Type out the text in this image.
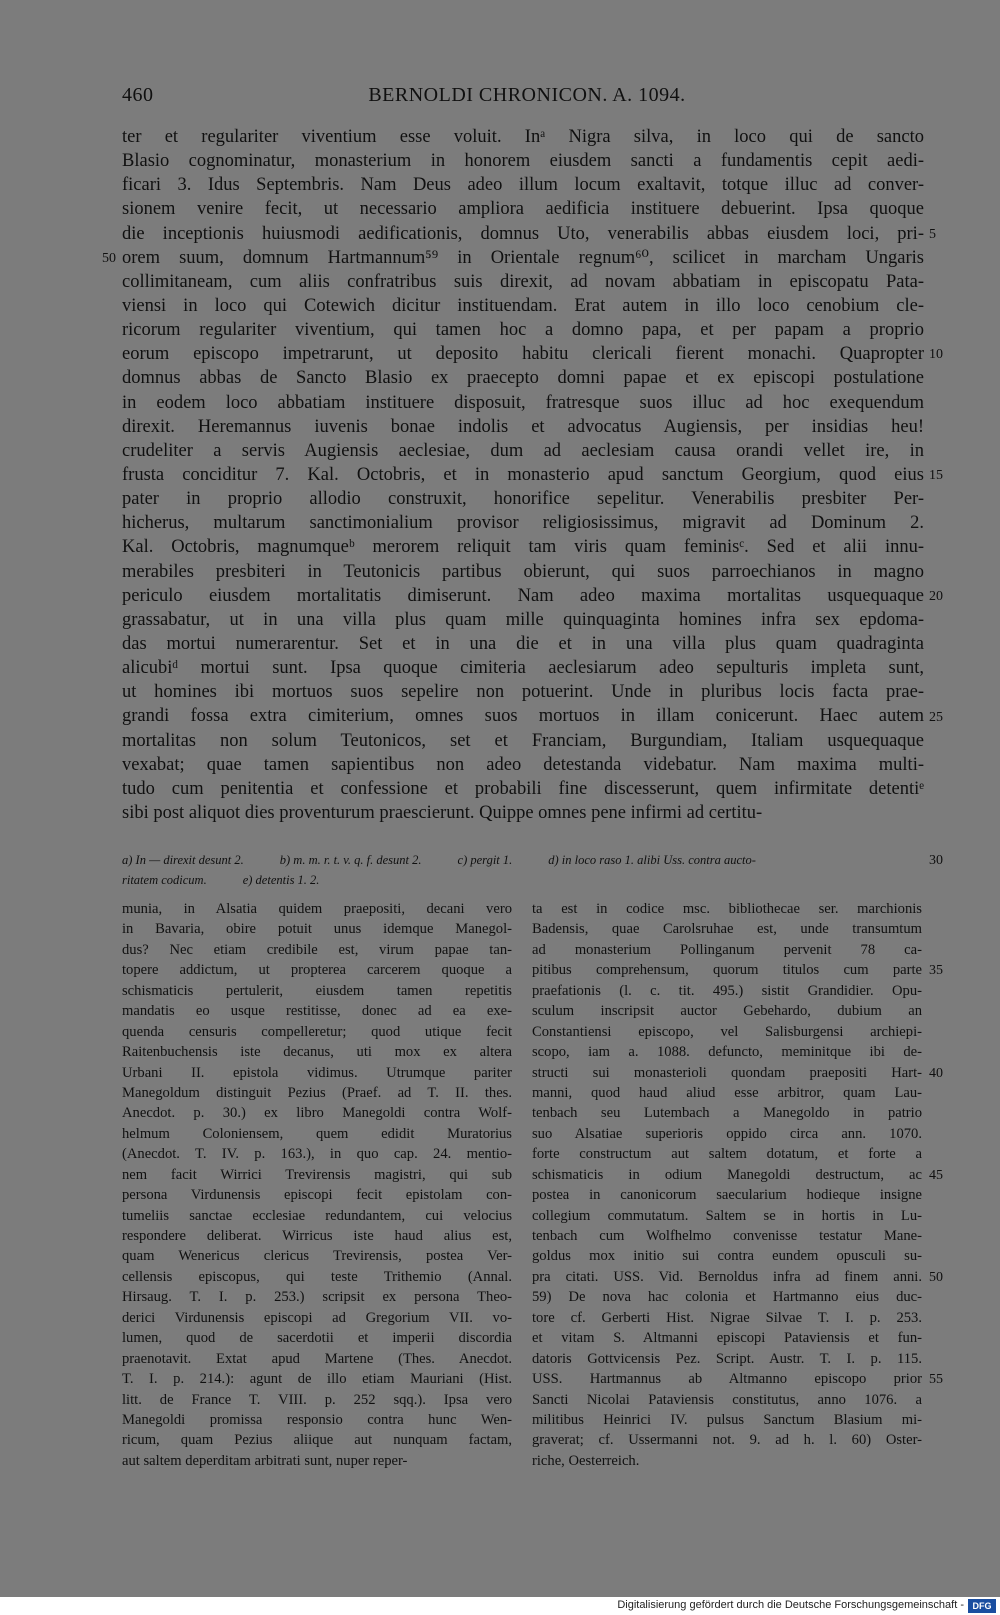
460	BERNOLDI CHRONICON. A. 1094.
ter et regulariter viventium esse voluit. Inᵃ Nigra silva, in loco qui de sancto
Blasio cognominatur, monasterium in honorem eiusdem sancti a fundamentis cepit aedi-
ficari 3. Idus Septembris. Nam Deus adeo illum locum exaltavit, totque illuc ad conver-
sionem venire fecit, ut necessario ampliora aedificia instituere debuerint. Ipsa quoque
die inceptionis huiusmodi aedificationis, domnus Uto, venerabilis abbas eiusdem loci, pri-
orem suum, domnum Hartmannum⁵⁹ in Orientale regnum⁶⁰, scilicet in marcham Ungaris
collimitaneam, cum aliis confratribus suis direxit, ad novam abbatiam in episcopatu Pata-
viensi in loco qui Cotewich dicitur instituendam. Erat autem in illo loco cenobium cle-
ricorum regulariter viventium, qui tamen hoc a domno papa, et per papam a proprio
eorum episcopo impetrarunt, ut deposito habitu clericali fierent monachi. Quapropter
domnus abbas de Sancto Blasio ex praecepto domni papae et ex episcopi postulatione
in eodem loco abbatiam instituere disposuit, fratresque suos illuc ad hoc exequendum
direxit. Heremannus iuvenis bonae indolis et advocatus Augiensis, per insidias heu!
crudeliter a servis Augiensis aeclesiae, dum ad aeclesiam causa orandi vellet ire, in
frusta conciditur 7. Kal. Octobris, et in monasterio apud sanctum Georgium, quod eius
pater in proprio allodio construxit, honorifice sepelitur. Venerabilis presbiter Per-
hicherus, multarum sanctimonialium provisor religiosissimus, migravit ad Dominum 2.
Kal. Octobris, magnumqueᵇ merorem reliquit tam viris quam feminisᶜ. Sed et alii innu-
merabiles presbiteri in Teutonicis partibus obierunt, qui suos parroechianos in magno
periculo eiusdem mortalitatis dimiserunt. Nam adeo maxima mortalitas usquequaque
grassabatur, ut in una villa plus quam mille quinquaginta homines infra sex epdoma-
das mortui numerarentur. Set et in una die et in una villa plus quam quadraginta
alicubiᵈ mortui sunt. Ipsa quoque cimiteria aeclesiarum adeo sepulturis impleta sunt,
ut homines ibi mortuos suos sepelire non potuerint. Unde in pluribus locis facta prae-
grandi fossa extra cimiterium, omnes suos mortuos in illam conicerunt. Haec autem
mortalitas non solum Teutonicos, set et Franciam, Burgundiam, Italiam usquequaque
vexabat; quae tamen sapientibus non adeo detestanda videbatur. Nam maxima multi-
tudo cum penitentia et confessione et probabili fine discesserunt, quem infirmitate detentiᵉ
sibi post aliquot dies proventurum praescierunt. Quippe omnes pene infirmi ad certitu-
5
50
10
15
20
25
a) In — direxit desunt 2.	b) m. m. r. t. v. q. f. desunt 2.	c) pergit 1.	d) in loco raso 1. alibi Uss. contra aucto-
ritatem codicum.	e) detentis 1. 2.
30
munia, in Alsatia quidem praepositi, decani vero
in Bavaria, obire potuit unus idemque Manegol-
dus? Nec etiam credibile est, virum papae tan-
topere addictum, ut propterea carcerem quoque a
schismaticis pertulerit, eiusdem tamen repetitis
mandatis eo usque restitisse, donec ad ea exe-
quenda censuris compelleretur; quod utique fecit
Raitenbuchensis iste decanus, uti mox ex altera
Urbani II. epistola vidimus. Utrumque pariter
Manegoldum distinguit Pezius (Praef. ad T. II. thes.
Anecdot. p. 30.) ex libro Manegoldi contra Wolf-
helmum Coloniensem, quem edidit Muratorius
(Anecdot. T. IV. p. 163.), in quo cap. 24. mentio-
nem facit Wirrici Trevirensis magistri, qui sub
persona Virdunensis episcopi fecit epistolam con-
tumeliis sanctae ecclesiae redundantem, cui velocius
respondere deliberat. Wirricus iste haud alius est,
quam Wenericus clericus Trevirensis, postea Ver-
cellensis episcopus, qui teste Trithemio (Annal.
Hirsaug. T. I. p. 253.) scripsit ex persona Theo-
derici Virdunensis episcopi ad Gregorium VII. vo-
lumen, quod de sacerdotii et imperii discordia
praenotavit. Extat apud Martene (Thes. Anecdot.
T. I. p. 214.): agunt de illo etiam Mauriani (Hist.
litt. de France T. VIII. p. 252 sqq.). Ipsa vero
Manegoldi promissa responsio contra hunc Wen-
ricum, quam Pezius aliique aut nunquam factam,
aut saltem deperditam arbitrati sunt, nuper reper-
ta est in codice msc. bibliothecae ser. marchionis
Badensis, quae Carolsruhae est, unde transumtum
ad monasterium Pollinganum pervenit 78 ca-
pitibus comprehensum, quorum titulos cum parte
praefationis (l. c. tit. 495.) sistit Grandidier. Opu-
sculum inscripsit auctor Gebehardo, dubium an
Constantiensi episcopo, vel Salisburgensi archiepi-
scopo, iam a. 1088. defuncto, meminitque ibi de-
structi sui monasterioli quondam praepositi Hart-
manni, quod haud aliud esse arbitror, quam Lau-
tenbach seu Lutembach a Manegoldo in patrio
suo Alsatiae superioris oppido circa ann. 1070.
forte constructum aut saltem dotatum, et forte a
schismaticis in odium Manegoldi destructum, ac
postea in canonicorum saecularium hodieque insigne
collegium commutatum. Saltem se in hortis in Lu-
tenbach cum Wolfhelmo convenisse testatur Mane-
goldus mox initio sui contra eundem opusculi su-
pra citati. USS. Vid. Bernoldus infra ad finem anni.
59) De nova hac colonia et Hartmanno eius duc-
tore cf. Gerberti Hist. Nigrae Silvae T. I. p. 253.
et vitam S. Altmanni episcopi Pataviensis et fun-
datoris Gottvicensis Pez. Script. Austr. T. I. p. 115.
USS. Hartmannus ab Altmanno episcopo prior
Sancti Nicolai Pataviensis constitutus, anno 1076. a
militibus Heinrici IV. pulsus Sanctum Blasium mi-
graverat; cf. Ussermanni not. 9. ad h. l. 60) Oster-
riche, Oesterreich.
35
40
45
50
55
Digitalisierung gefördert durch die Deutsche Forschungsgemeinschaft - DFG
